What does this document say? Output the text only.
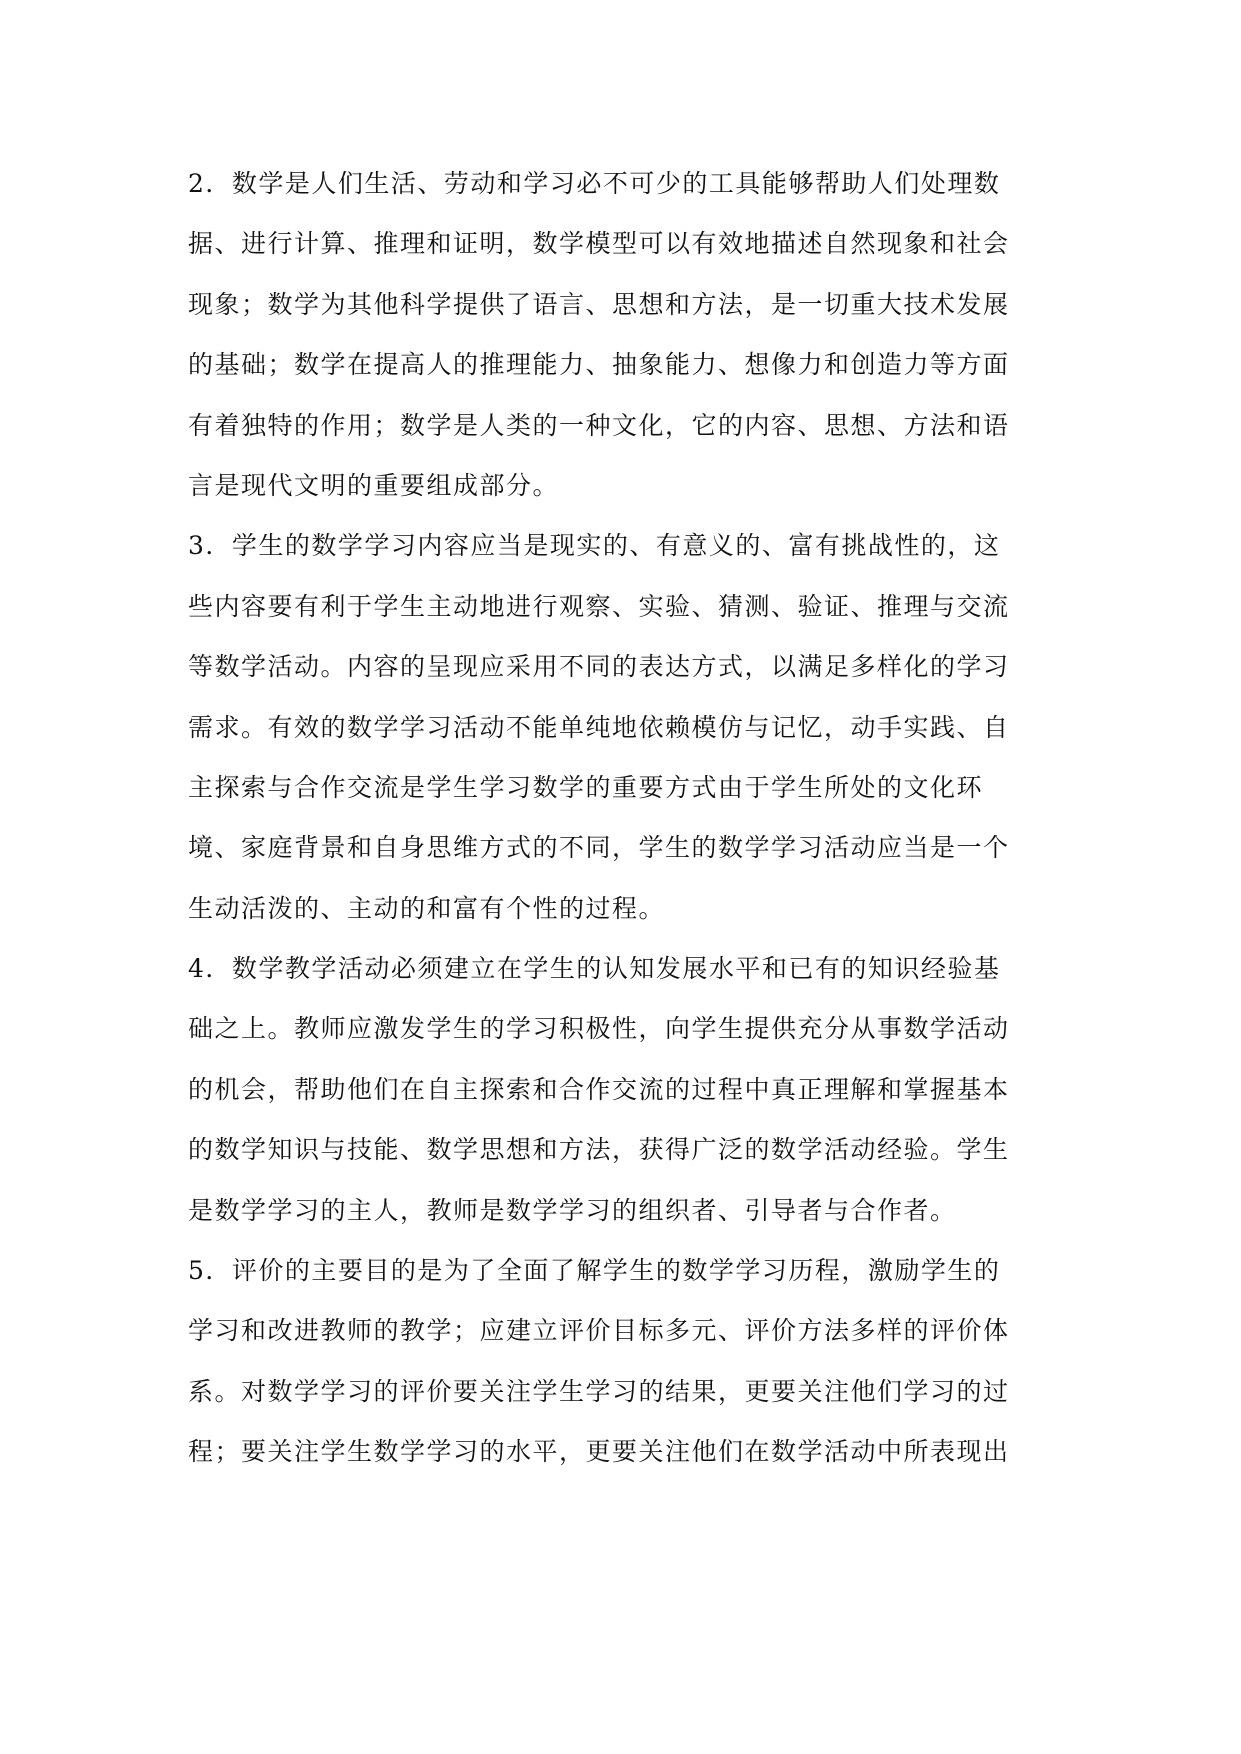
2．数学是人们生活、劳动和学习必不可少的工具能够帮助人们处理数
据、进行计算、推理和证明，数学模型可以有效地描述自然现象和社会
现象；数学为其他科学提供了语言、思想和方法，是一切重大技术发展
的基础；数学在提高人的推理能力、抽象能力、想像力和创造力等方面
有着独特的作用；数学是人类的一种文化，它的内容、思想、方法和语
言是现代文明的重要组成部分。
3．学生的数学学习内容应当是现实的、有意义的、富有挑战性的，这
些内容要有利于学生主动地进行观察、实验、猜测、验证、推理与交流
等数学活动。内容的呈现应采用不同的表达方式，以满足多样化的学习
需求。有效的数学学习活动不能单纯地依赖模仿与记忆，动手实践、自
主探索与合作交流是学生学习数学的重要方式由于学生所处的文化环
境、家庭背景和自身思维方式的不同，学生的数学学习活动应当是一个
生动活泼的、主动的和富有个性的过程。
4．数学教学活动必须建立在学生的认知发展水平和已有的知识经验基
础之上。教师应激发学生的学习积极性，向学生提供充分从事数学活动
的机会，帮助他们在自主探索和合作交流的过程中真正理解和掌握基本
的数学知识与技能、数学思想和方法，获得广泛的数学活动经验。学生
是数学学习的主人，教师是数学学习的组织者、引导者与合作者。
5．评价的主要目的是为了全面了解学生的数学学习历程，激励学生的
学习和改进教师的教学；应建立评价目标多元、评价方法多样的评价体
系。对数学学习的评价要关注学生学习的结果，更要关注他们学习的过
程；要关注学生数学学习的水平，更要关注他们在数学活动中所表现出
